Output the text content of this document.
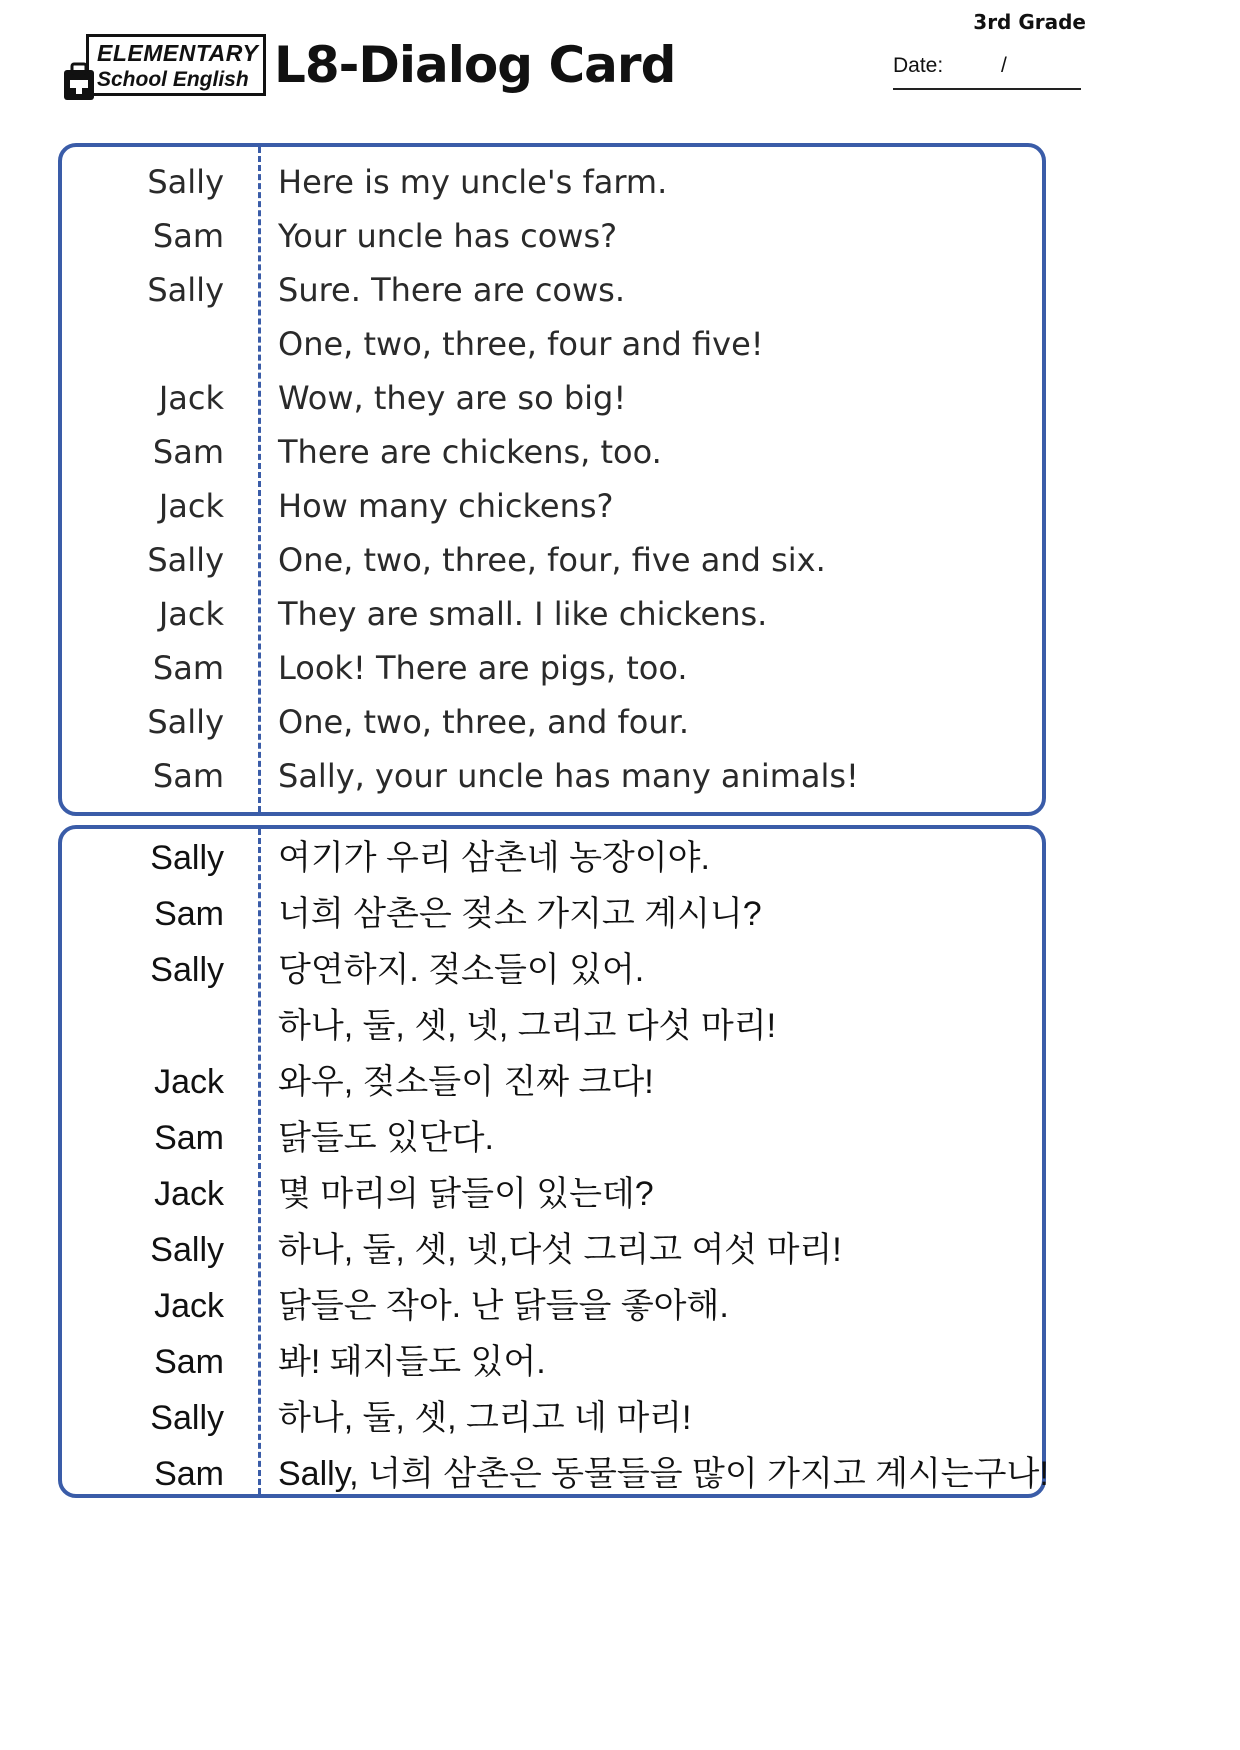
ELEMENTARY
School English L8-Dialog Card
3rd Grade
Date:	/
Sally Here is my uncle's farm.
Sam Your uncle has cows?
Sally Sure. There are cows.
One, two, three, four and five!
Jack Wow, they are so big!
Sam There are chickens, too.
Jack How many chickens?
Sally One, two, three, four, five and six.
Jack They are small. I like chickens.
Sam Look! There are pigs, too.
Sally One, two, three, and four.
Sam Sally, your uncle has many animals!
Sally 여기가 우리 삼촌네 농장이야.
Sam 너희 삼촌은 젖소 가지고 계시니?
Sally 당연하지. 젖소들이 있어.
하나, 둘, 셋, 넷, 그리고 다섯 마리!
Jack 와우, 젖소들이 진짜 크다!
Sam 닭들도 있단다.
Jack 몇 마리의 닭들이 있는데?
Sally 하나, 둘, 셋, 넷,다섯 그리고 여섯 마리!
Jack 닭들은 작아. 난 닭들을 좋아해.
Sam 봐! 돼지들도 있어.
Sally 하나, 둘, 셋, 그리고 네 마리!
Sam Sally, 너희 삼촌은 동물들을 많이 가지고 계시는구나!
